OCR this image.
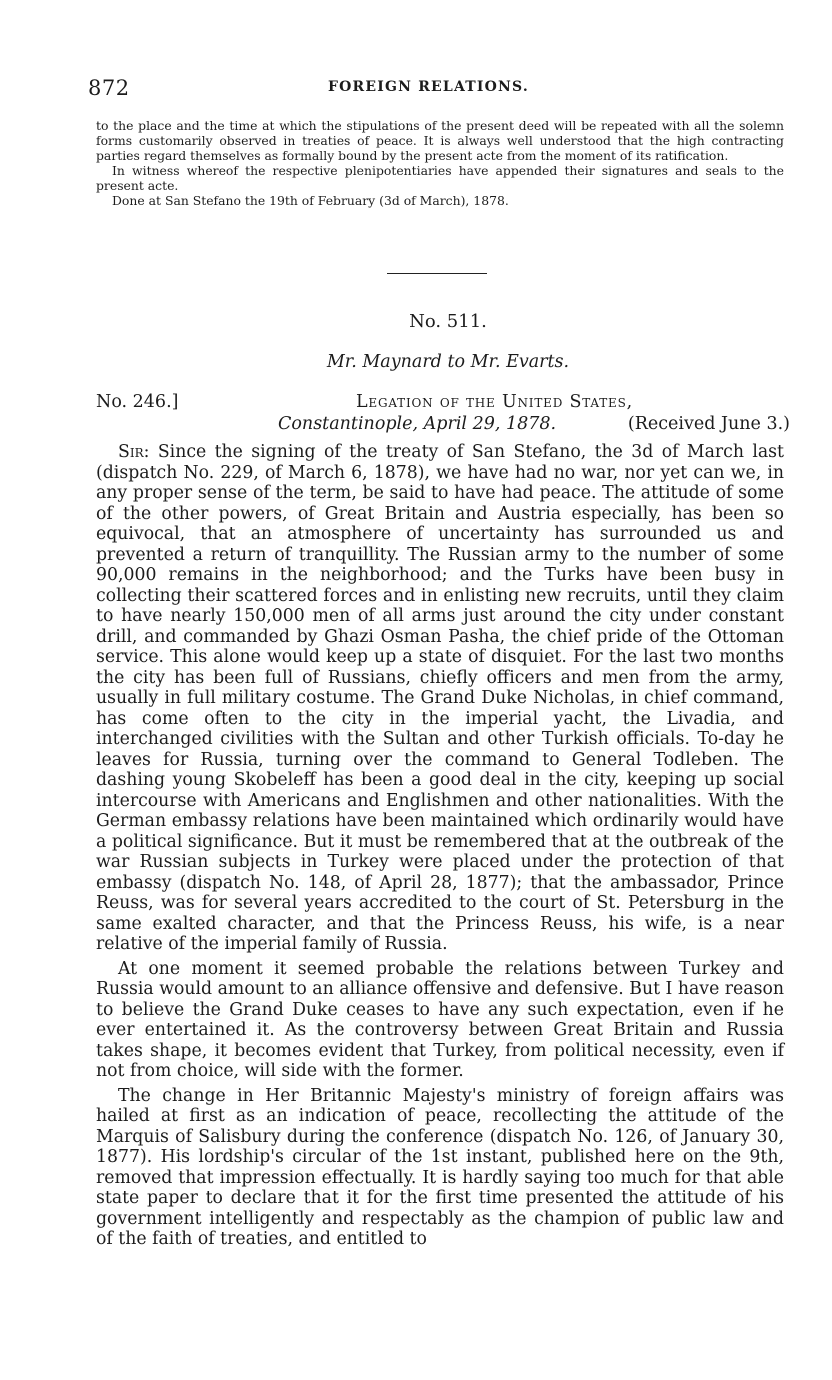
872	FOREIGN RELATIONS.

to the place and the time at which the stipulations of the present deed will be repeated with all the solemn forms customarily observed in treaties of peace. It is always well understood that the high contracting parties regard themselves as formally bound by the present acte from the moment of its ratification.

In witness whereof the respective plenipotentiaries have appended their signatures and seals to the present acte.

Done at San Stefano the 19th of February (3d of March), 1878.

No. 511.
Mr. Maynard to Mr. Evarts.
No. 246.]	Legation of the United States,
Constantinople, April 29, 1878.	(Received June 3.)

Sir: Since the signing of the treaty of San Stefano, the 3d of March last (dispatch No. 229, of March 6, 1878), we have had no war, nor yet can we, in any proper sense of the term, be said to have had peace. The attitude of some of the other powers, of Great Britain and Austria especially, has been so equivocal, that an atmosphere of uncertainty has surrounded us and prevented a return of tranquillity. The Russian army to the number of some 90,000 remains in the neighborhood; and the Turks have been busy in collecting their scattered forces and in enlisting new recruits, until they claim to have nearly 150,000 men of all arms just around the city under constant drill, and commanded by Ghazi Osman Pasha, the chief pride of the Ottoman service. This alone would keep up a state of disquiet. For the last two months the city has been full of Russians, chiefly officers and men from the army, usually in full military costume. The Grand Duke Nicholas, in chief command, has come often to the city in the imperial yacht, the Livadia, and interchanged civilities with the Sultan and other Turkish officials. To-day he leaves for Russia, turning over the command to General Todleben. The dashing young Skobeleff has been a good deal in the city, keeping up social intercourse with Americans and Englishmen and other nationalities. With the German embassy relations have been maintained which ordinarily would have a political significance. But it must be remembered that at the outbreak of the war Russian subjects in Turkey were placed under the protection of that embassy (dispatch No. 148, of April 28, 1877); that the ambassador, Prince Reuss, was for several years accredited to the court of St. Petersburg in the same exalted character, and that the Princess Reuss, his wife, is a near relative of the imperial family of Russia.

At one moment it seemed probable the relations between Turkey and Russia would amount to an alliance offensive and defensive. But I have reason to believe the Grand Duke ceases to have any such expectation, even if he ever entertained it. As the controversy between Great Britain and Russia takes shape, it becomes evident that Turkey, from political necessity, even if not from choice, will side with the former.

The change in Her Britannic Majesty's ministry of foreign affairs was hailed at first as an indication of peace, recollecting the attitude of the Marquis of Salisbury during the conference (dispatch No. 126, of January 30, 1877). His lordship's circular of the 1st instant, published here on the 9th, removed that impression effectually. It is hardly saying too much for that able state paper to declare that it for the first time presented the attitude of his government intelligently and respectably as the champion of public law and of the faith of treaties, and entitled to
